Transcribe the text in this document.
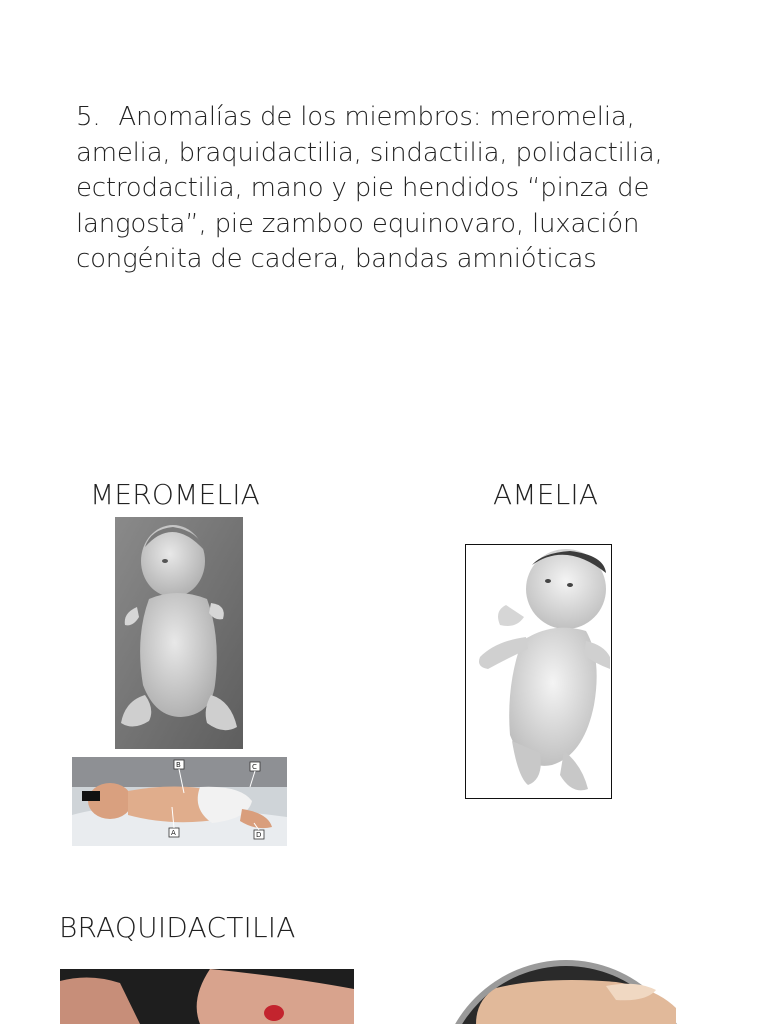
5. Anomalías de los miembros: meromelia, amelia, braquidactilia, sindactilia, polidactilia, ectrodactilia, mano y pie hendidos “pinza de langosta”, pie zamboo equinovaro, luxación congénita de cadera, bandas amnióticas
MEROMELIA	AMELIA
BRAQUIDACTILIA
B	C
A	D
